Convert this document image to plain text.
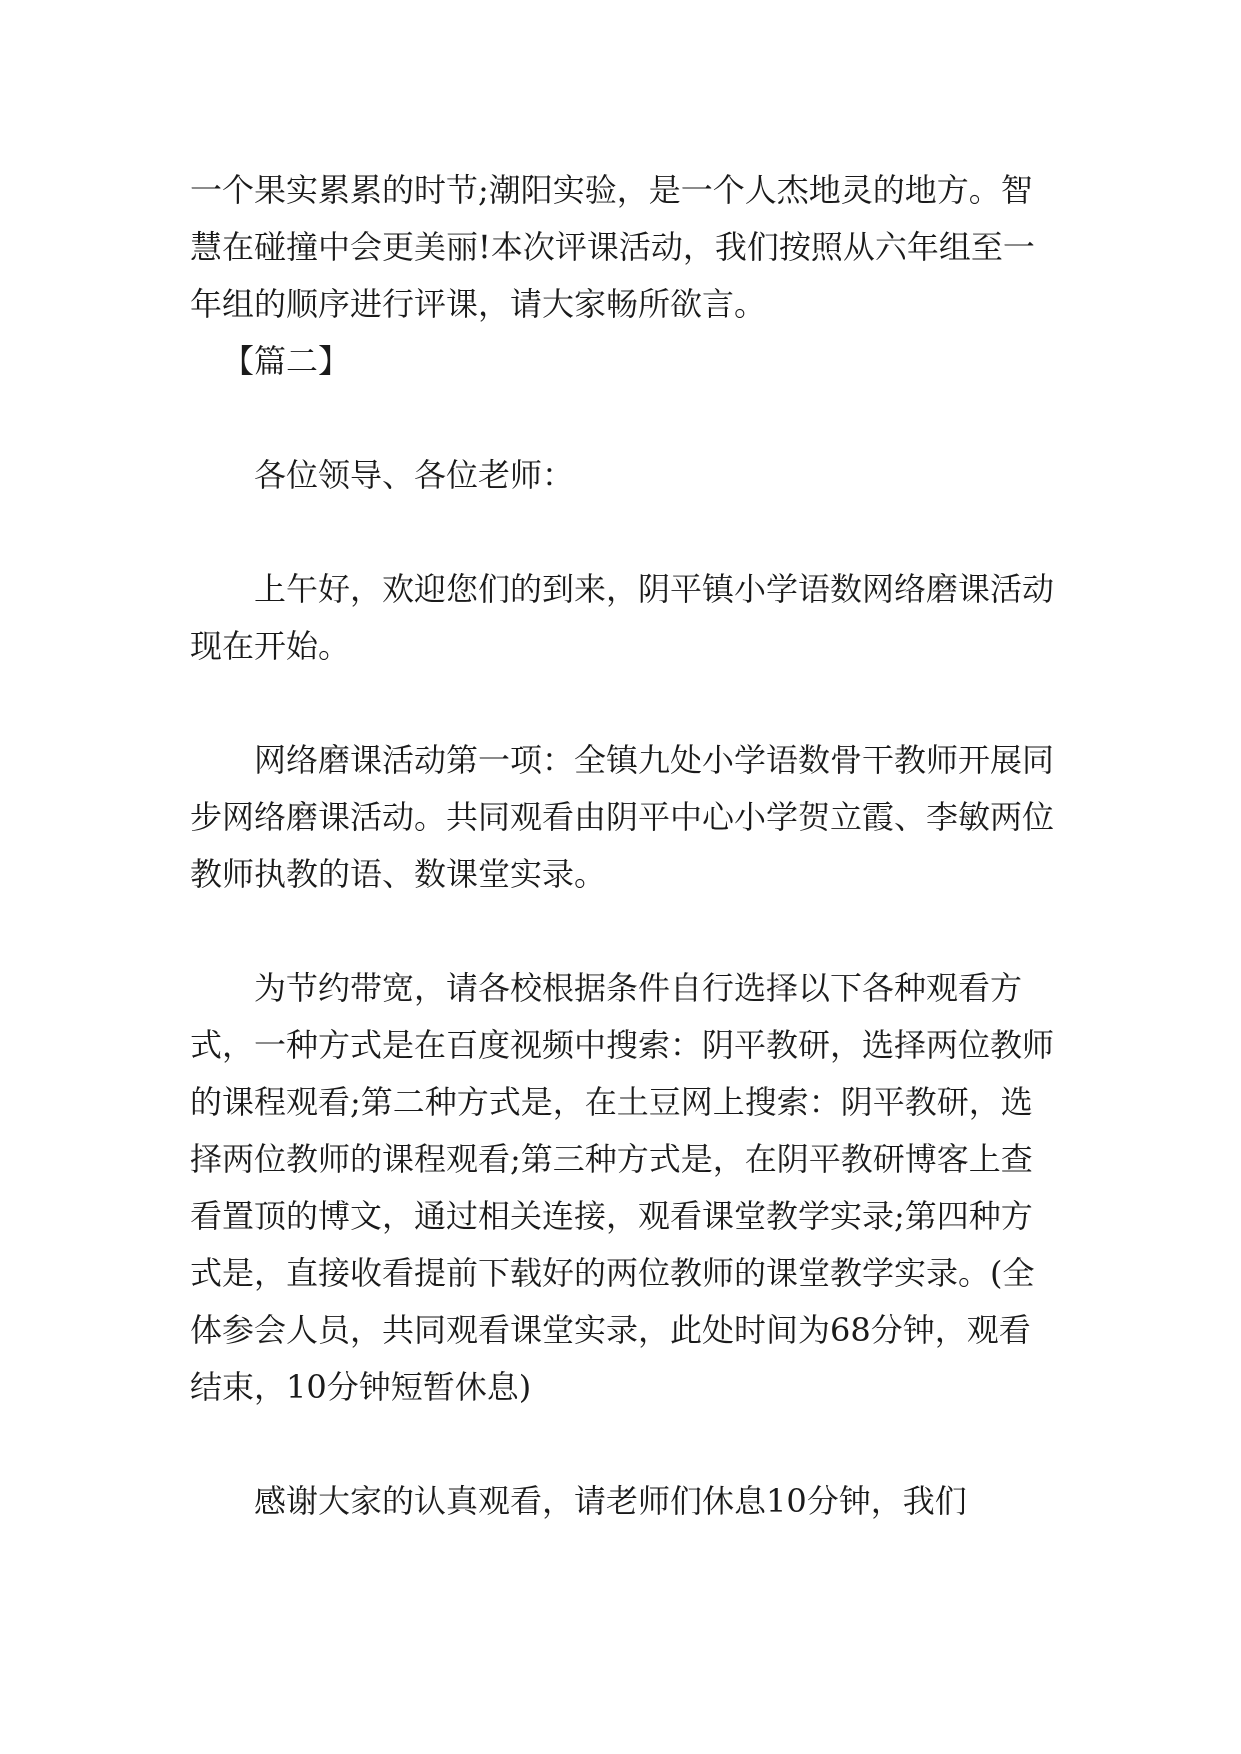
一个果实累累的时节;潮阳实验，是一个人杰地灵的地方。智慧在碰撞中会更美丽!本次评课活动，我们按照从六年组至一年组的顺序进行评课，请大家畅所欲言。

【篇二】

各位领导、各位老师：

上午好，欢迎您们的到来，阴平镇小学语数网络磨课活动现在开始。

网络磨课活动第一项：全镇九处小学语数骨干教师开展同步网络磨课活动。共同观看由阴平中心小学贺立霞、李敏两位教师执教的语、数课堂实录。

为节约带宽，请各校根据条件自行选择以下各种观看方式，一种方式是在百度视频中搜索：阴平教研，选择两位教师的课程观看;第二种方式是，在土豆网上搜索：阴平教研，选择两位教师的课程观看;第三种方式是，在阴平教研博客上查看置顶的博文，通过相关连接，观看课堂教学实录;第四种方式是，直接收看提前下载好的两位教师的课堂教学实录。(全体参会人员，共同观看课堂实录，此处时间为68分钟，观看结束，10分钟短暂休息)

感谢大家的认真观看，请老师们休息10分钟，我们
